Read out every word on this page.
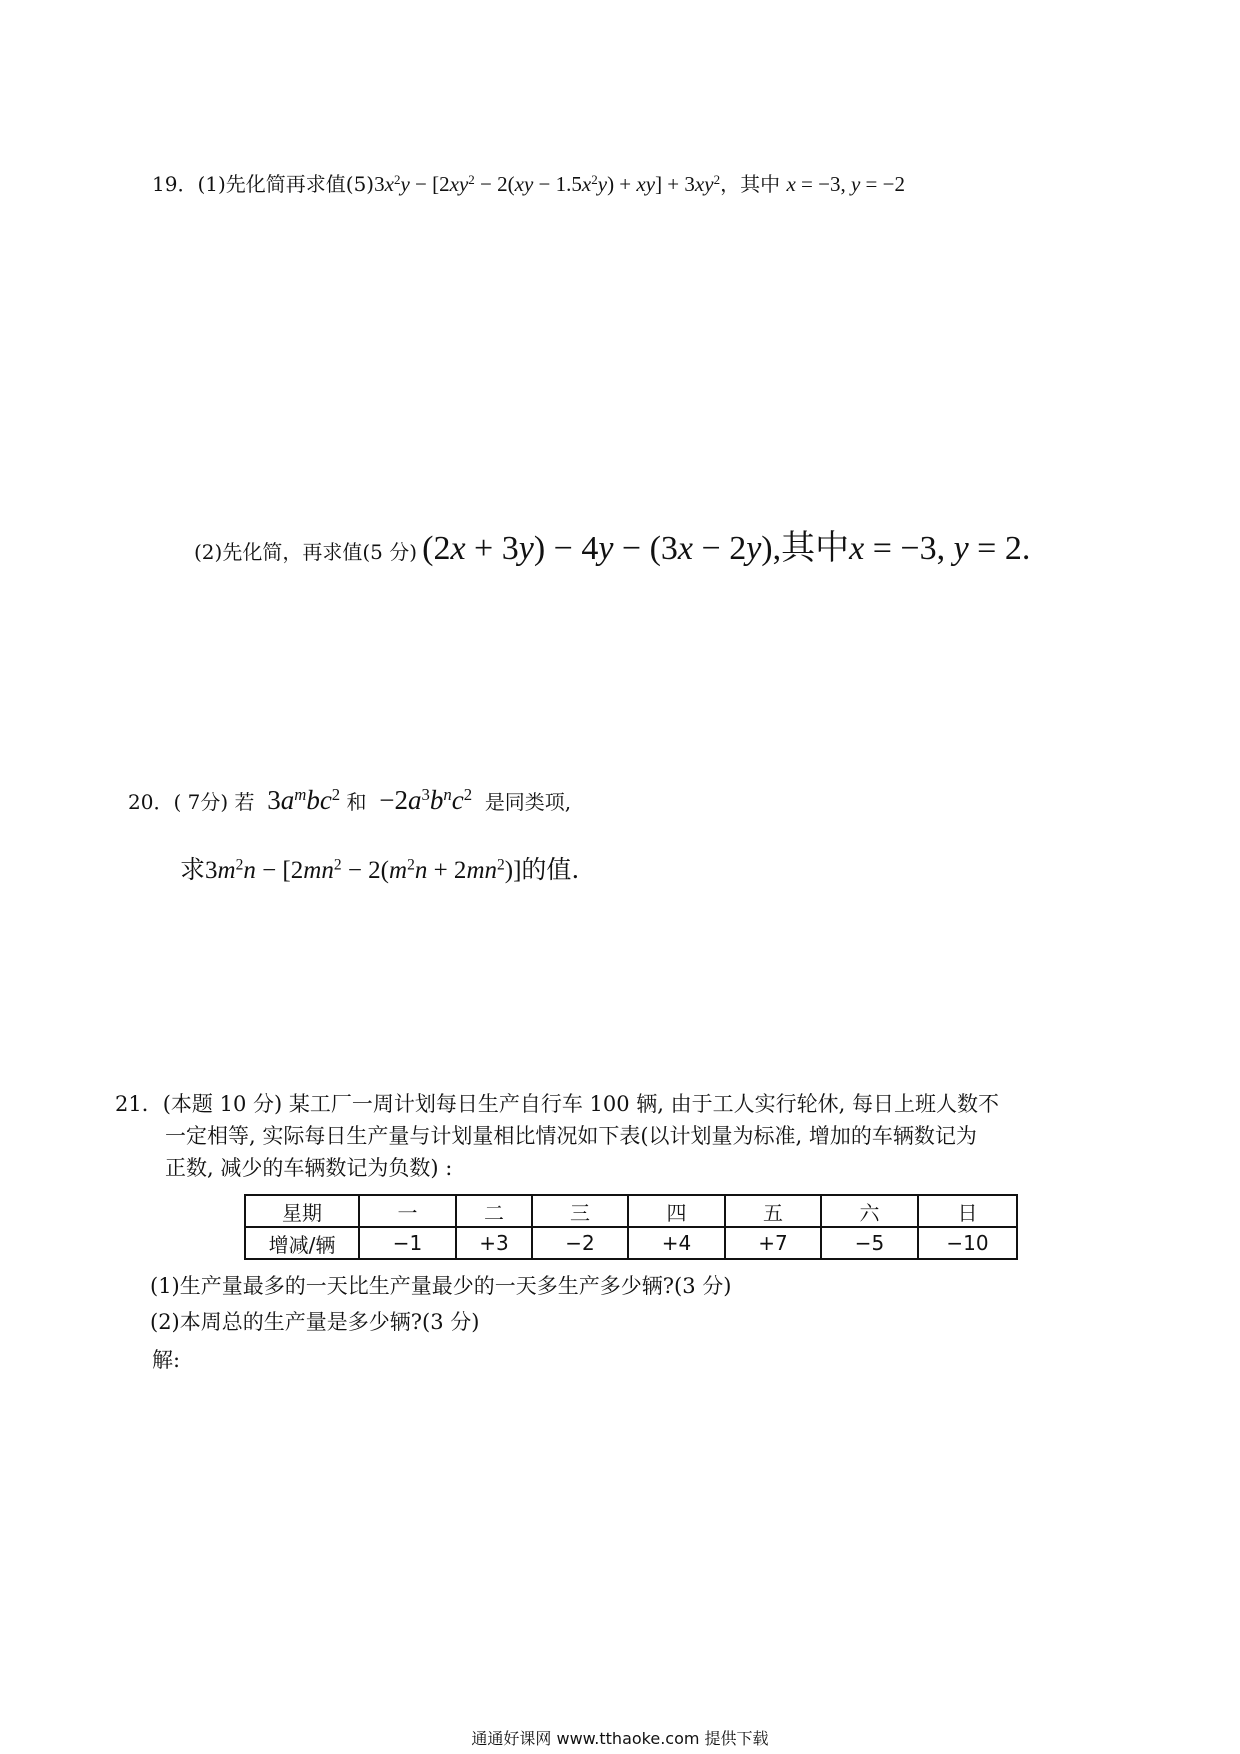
19．(1)先化简再求值$(5)3x^2y - [2xy^2 - 2(xy - 1.5x^2y) + xy] + 3xy^2$，其中 x = −3, y = −2
(2)先化简，再求值(5 分) (2x + 3y) − 4y − (3x − 2y),其中x = −3, y = 2.
20．( 7分) 若 $3a^mbc^2$ 和 $-2a^3b^nc^2$ 是同类项,
求$3m^2n - [2mn^2 - 2(m^2n + 2mn^2)]$的值.
21．(本题 10 分) 某工厂一周计划每日生产自行车 100 辆, 由于工人实行轮休, 每日上班人数不
一定相等, 实际每日生产量与计划量相比情况如下表(以计划量为标准, 增加的车辆数记为
正数, 减少的车辆数记为负数) :
星期	一	二	三	四	五	六	日
增减/辆	−1	+3	−2	+4	+7	−5	−10
(1)生产量最多的一天比生产量最少的一天多生产多少辆?(3 分)
(2)本周总的生产量是多少辆?(3 分)
解:
通通好课网 www.tthaoke.com 提供下载
